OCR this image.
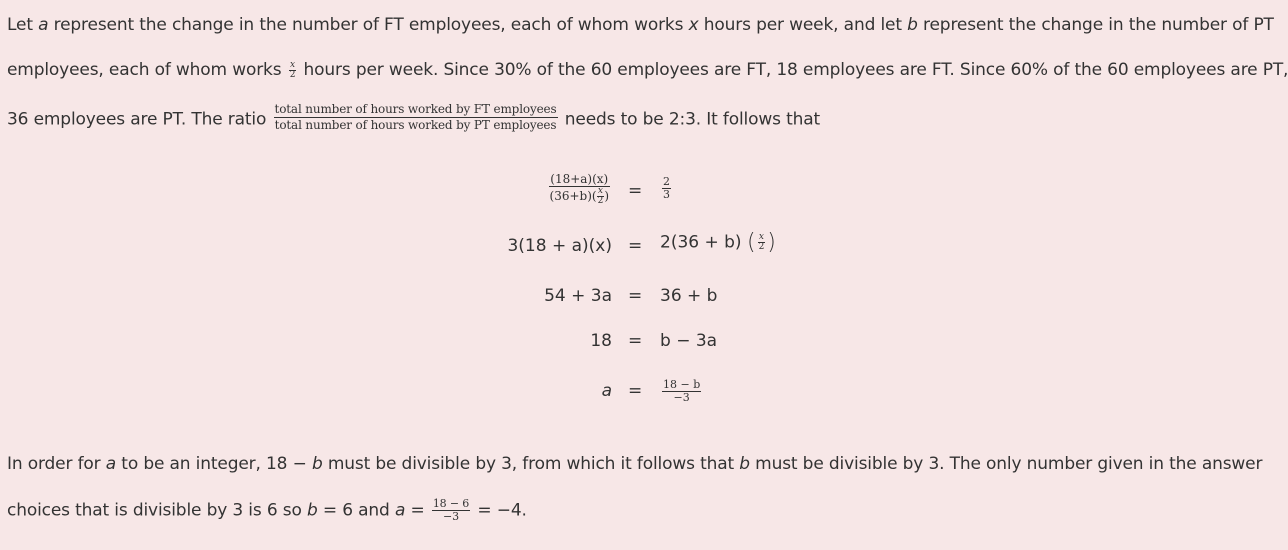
Let a represent the change in the number of FT employees, each of whom works x hours per week, and let b represent the change in the number of PT
employees, each of whom works $\frac{x}{2}$ hours per week. Since 30% of the 60 employees are FT, 18 employees are FT. Since 60% of the 60 employees are PT,
36 employees are PT. The ratio $\frac{\text{total number of hours worked by FT employees}}{\text{total number of hours worked by PT employees}}$ needs to be 2:3. It follows that
$\frac{(18+a)(x)}{(36+b)( \frac{x}{2} )} = \frac{2}{3}$
3(18 + a)(x) = 2(36 + b) ( $\frac{x}{2}$ )
54 + 3a = 36 + b
18 = b − 3a
$a = \frac{18 - b}{-3}$
In order for a to be an integer, 18 − b must be divisible by 3, from which it follows that b must be divisible by 3. The only number given in the answer
choices that is divisible by 3 is 6 so b = 6 and $a = \frac{18 - 6}{-3} = -4$.
